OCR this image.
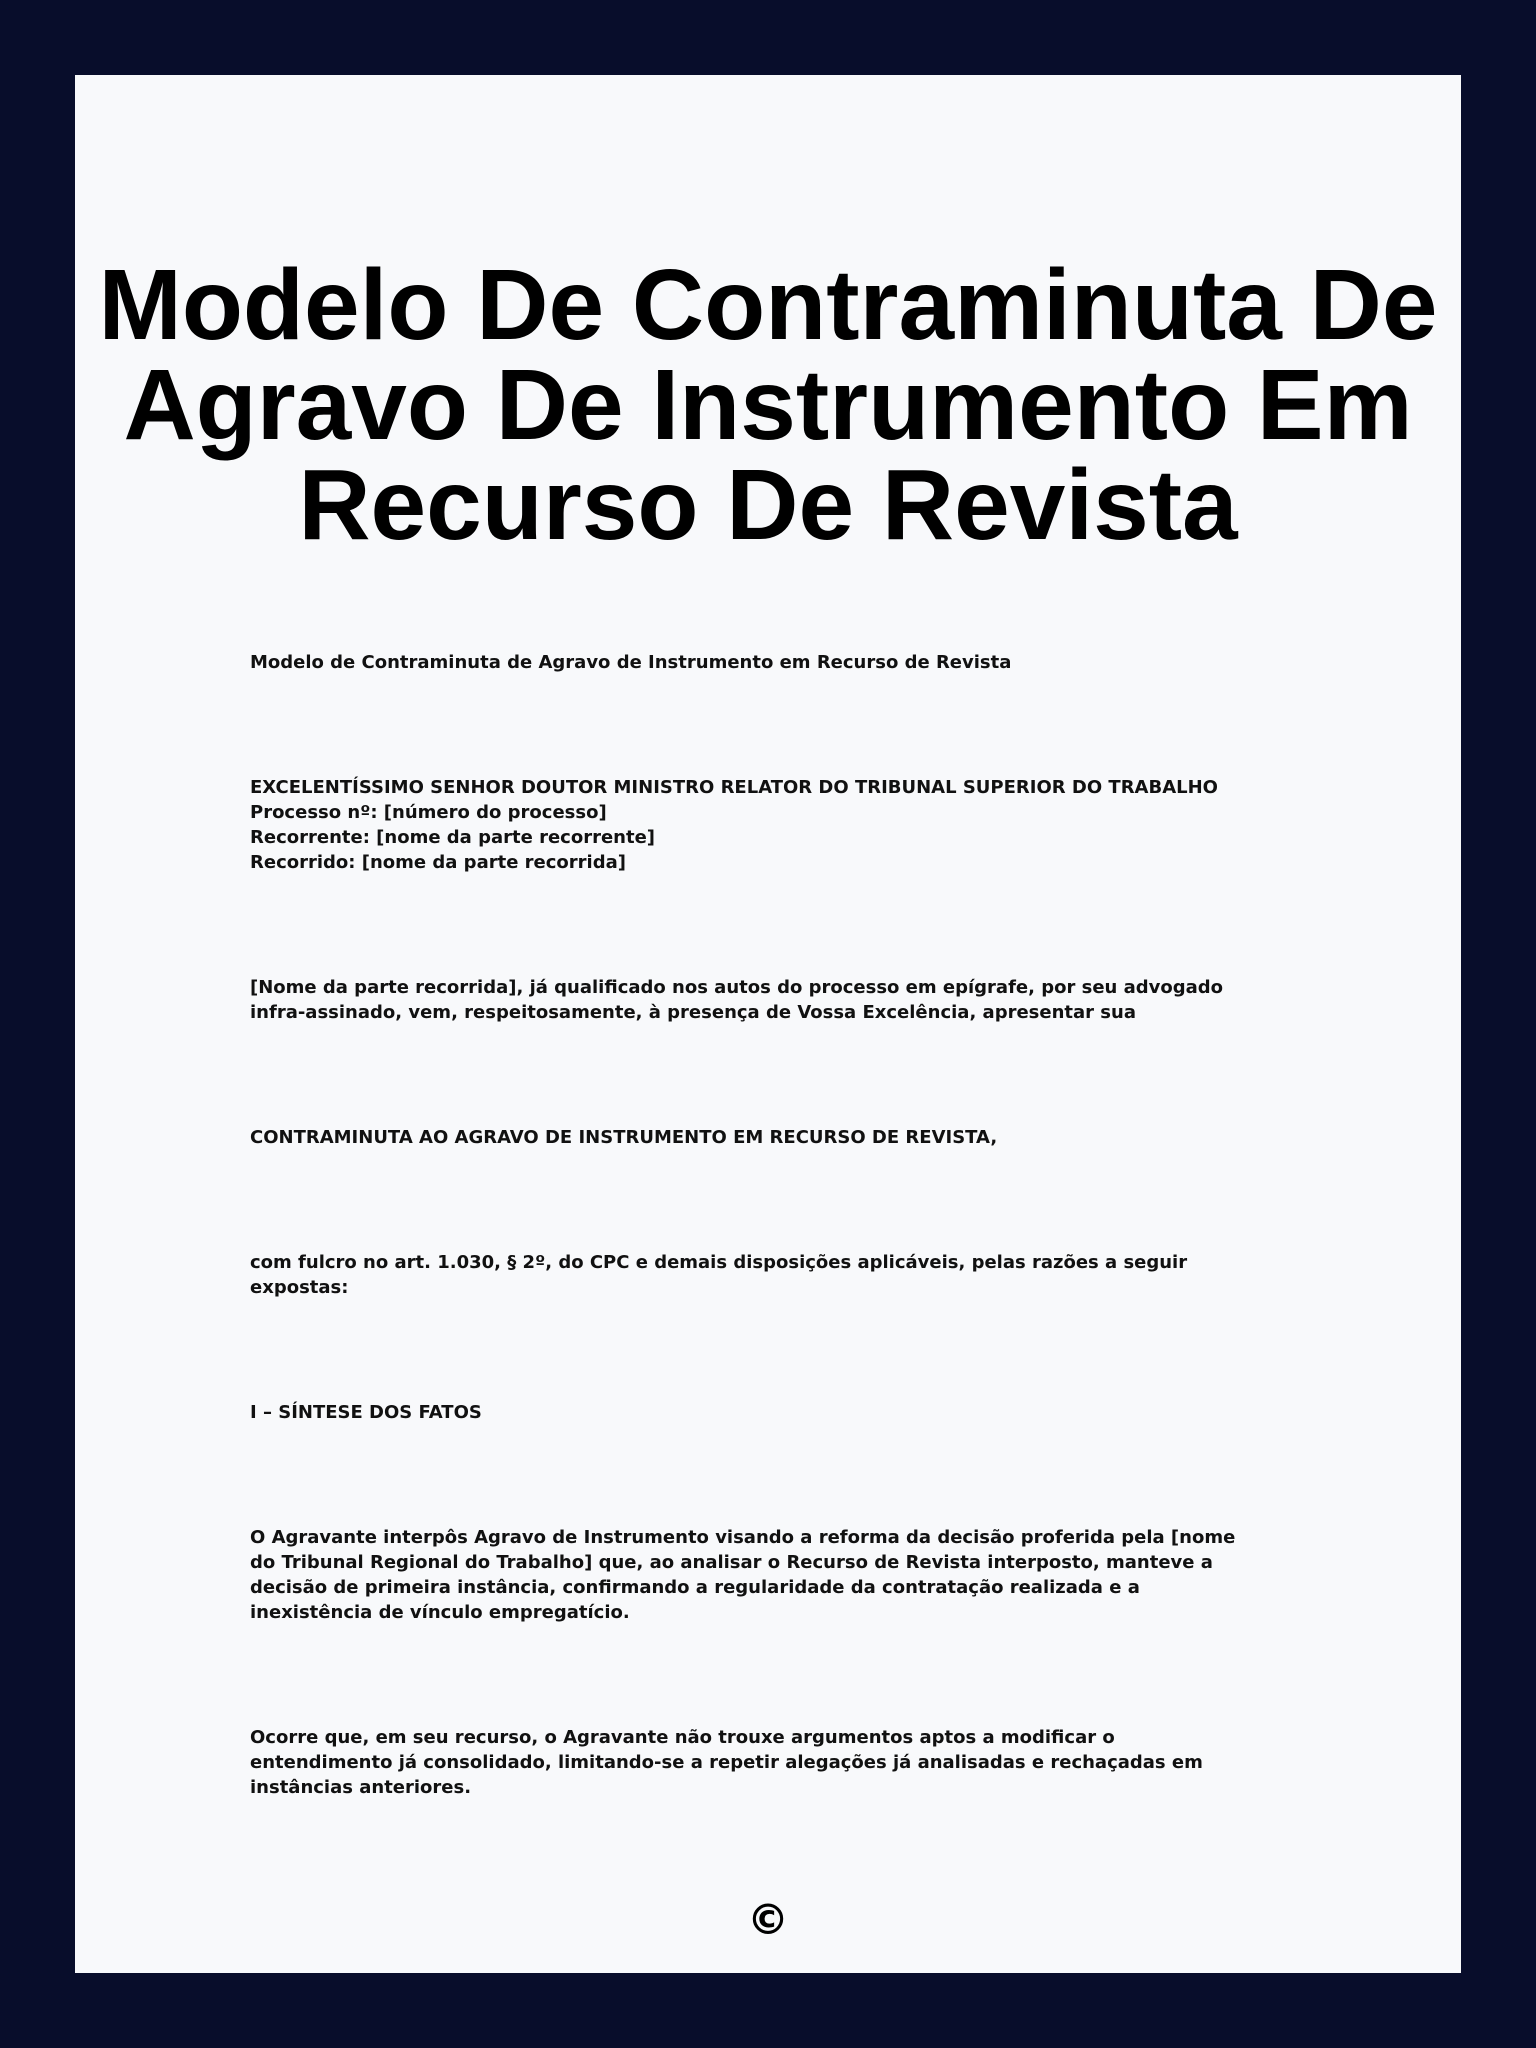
Modelo De Contraminuta De Agravo De Instrumento Em Recurso De Revista

Modelo de Contraminuta de Agravo de Instrumento em Recurso de Revista

EXCELENTÍSSIMO SENHOR DOUTOR MINISTRO RELATOR DO TRIBUNAL SUPERIOR DO TRABALHO

Processo nº: [número do processo]

Recorrente: [nome da parte recorrente]

Recorrido: [nome da parte recorrida]

[Nome da parte recorrida], já qualificado nos autos do processo em epígrafe, por seu advogado infra-assinado, vem, respeitosamente, à presença de Vossa Excelência, apresentar sua

CONTRAMINUTA AO AGRAVO DE INSTRUMENTO EM RECURSO DE REVISTA,

com fulcro no art. 1.030, § 2º, do CPC e demais disposições aplicáveis, pelas razões a seguir expostas:

I – SÍNTESE DOS FATOS

O Agravante interpôs Agravo de Instrumento visando a reforma da decisão proferida pela [nome do Tribunal Regional do Trabalho] que, ao analisar o Recurso de Revista interposto, manteve a decisão de primeira instância, confirmando a regularidade da contratação realizada e a inexistência de vínculo empregatício.

Ocorre que, em seu recurso, o Agravante não trouxe argumentos aptos a modificar o entendimento já consolidado, limitando-se a repetir alegações já analisadas e rechaçadas em instâncias anteriores.

©
